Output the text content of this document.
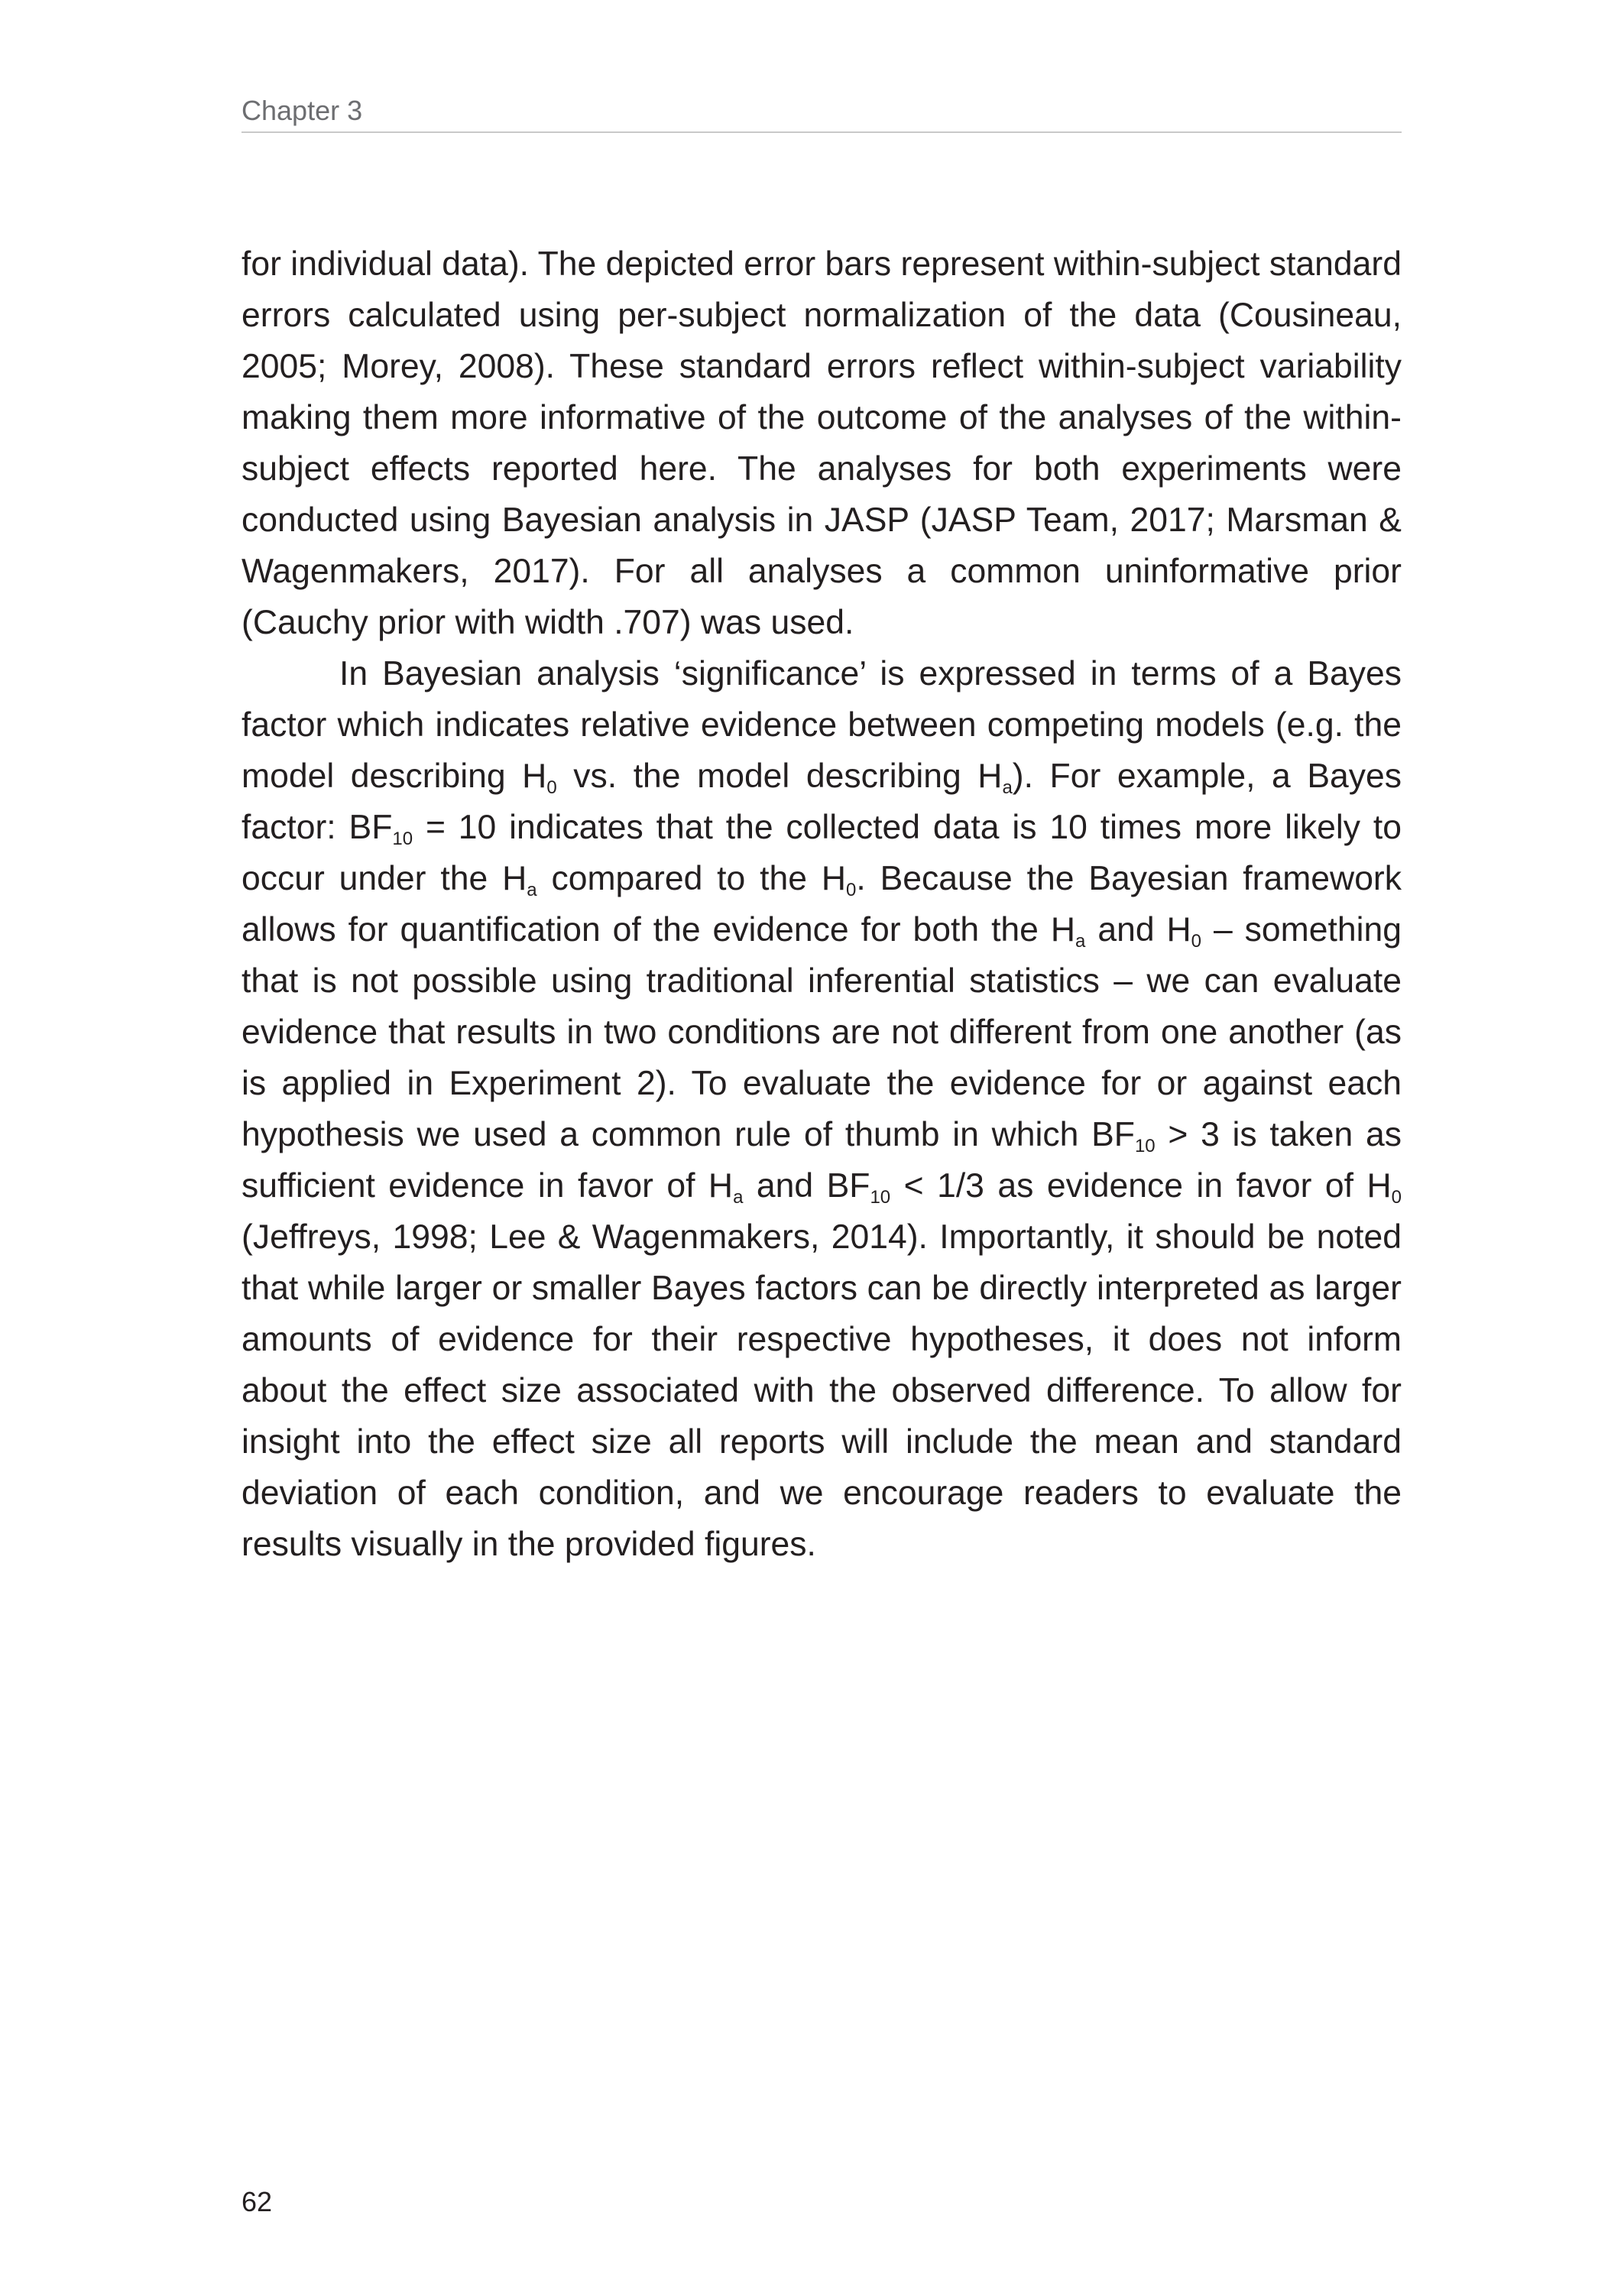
Chapter 3

for individual data). The depicted error bars represent within-subject standard errors calculated using per-subject normalization of the data (Cousineau, 2005; Morey, 2008). These standard errors reflect within-subject variability making them more informative of the outcome of the analyses of the within-subject effects reported here. The analyses for both experiments were conducted using Bayesian analysis in JASP (JASP Team, 2017; Marsman & Wagenmakers, 2017). For all analyses a common uninformative prior (Cauchy prior with width .707) was used.

In Bayesian analysis ‘significance’ is expressed in terms of a Bayes factor which indicates relative evidence between competing models (e.g. the model describing $H_0$ vs. the model describing $H_a$). For example, a Bayes factor: $BF_{10} = 10$ indicates that the collected data is 10 times more likely to occur under the $H_a$ compared to the $H_0$. Because the Bayesian framework allows for quantification of the evidence for both the $H_a$ and $H_0$ – something that is not possible using traditional inferential statistics – we can evaluate evidence that results in two conditions are not different from one another (as is applied in Experiment 2). To evaluate the evidence for or against each hypothesis we used a common rule of thumb in which $BF_{10} > 3$ is taken as sufficient evidence in favor of $H_a$ and $BF_{10} < 1/3$ as evidence in favor of $H_0$ (Jeffreys, 1998; Lee & Wagenmakers, 2014). Importantly, it should be noted that while larger or smaller Bayes factors can be directly interpreted as larger amounts of evidence for their respective hypotheses, it does not inform about the effect size associated with the observed difference. To allow for insight into the effect size all reports will include the mean and standard deviation of each condition, and we encourage readers to evaluate the results visually in the provided figures.

62
